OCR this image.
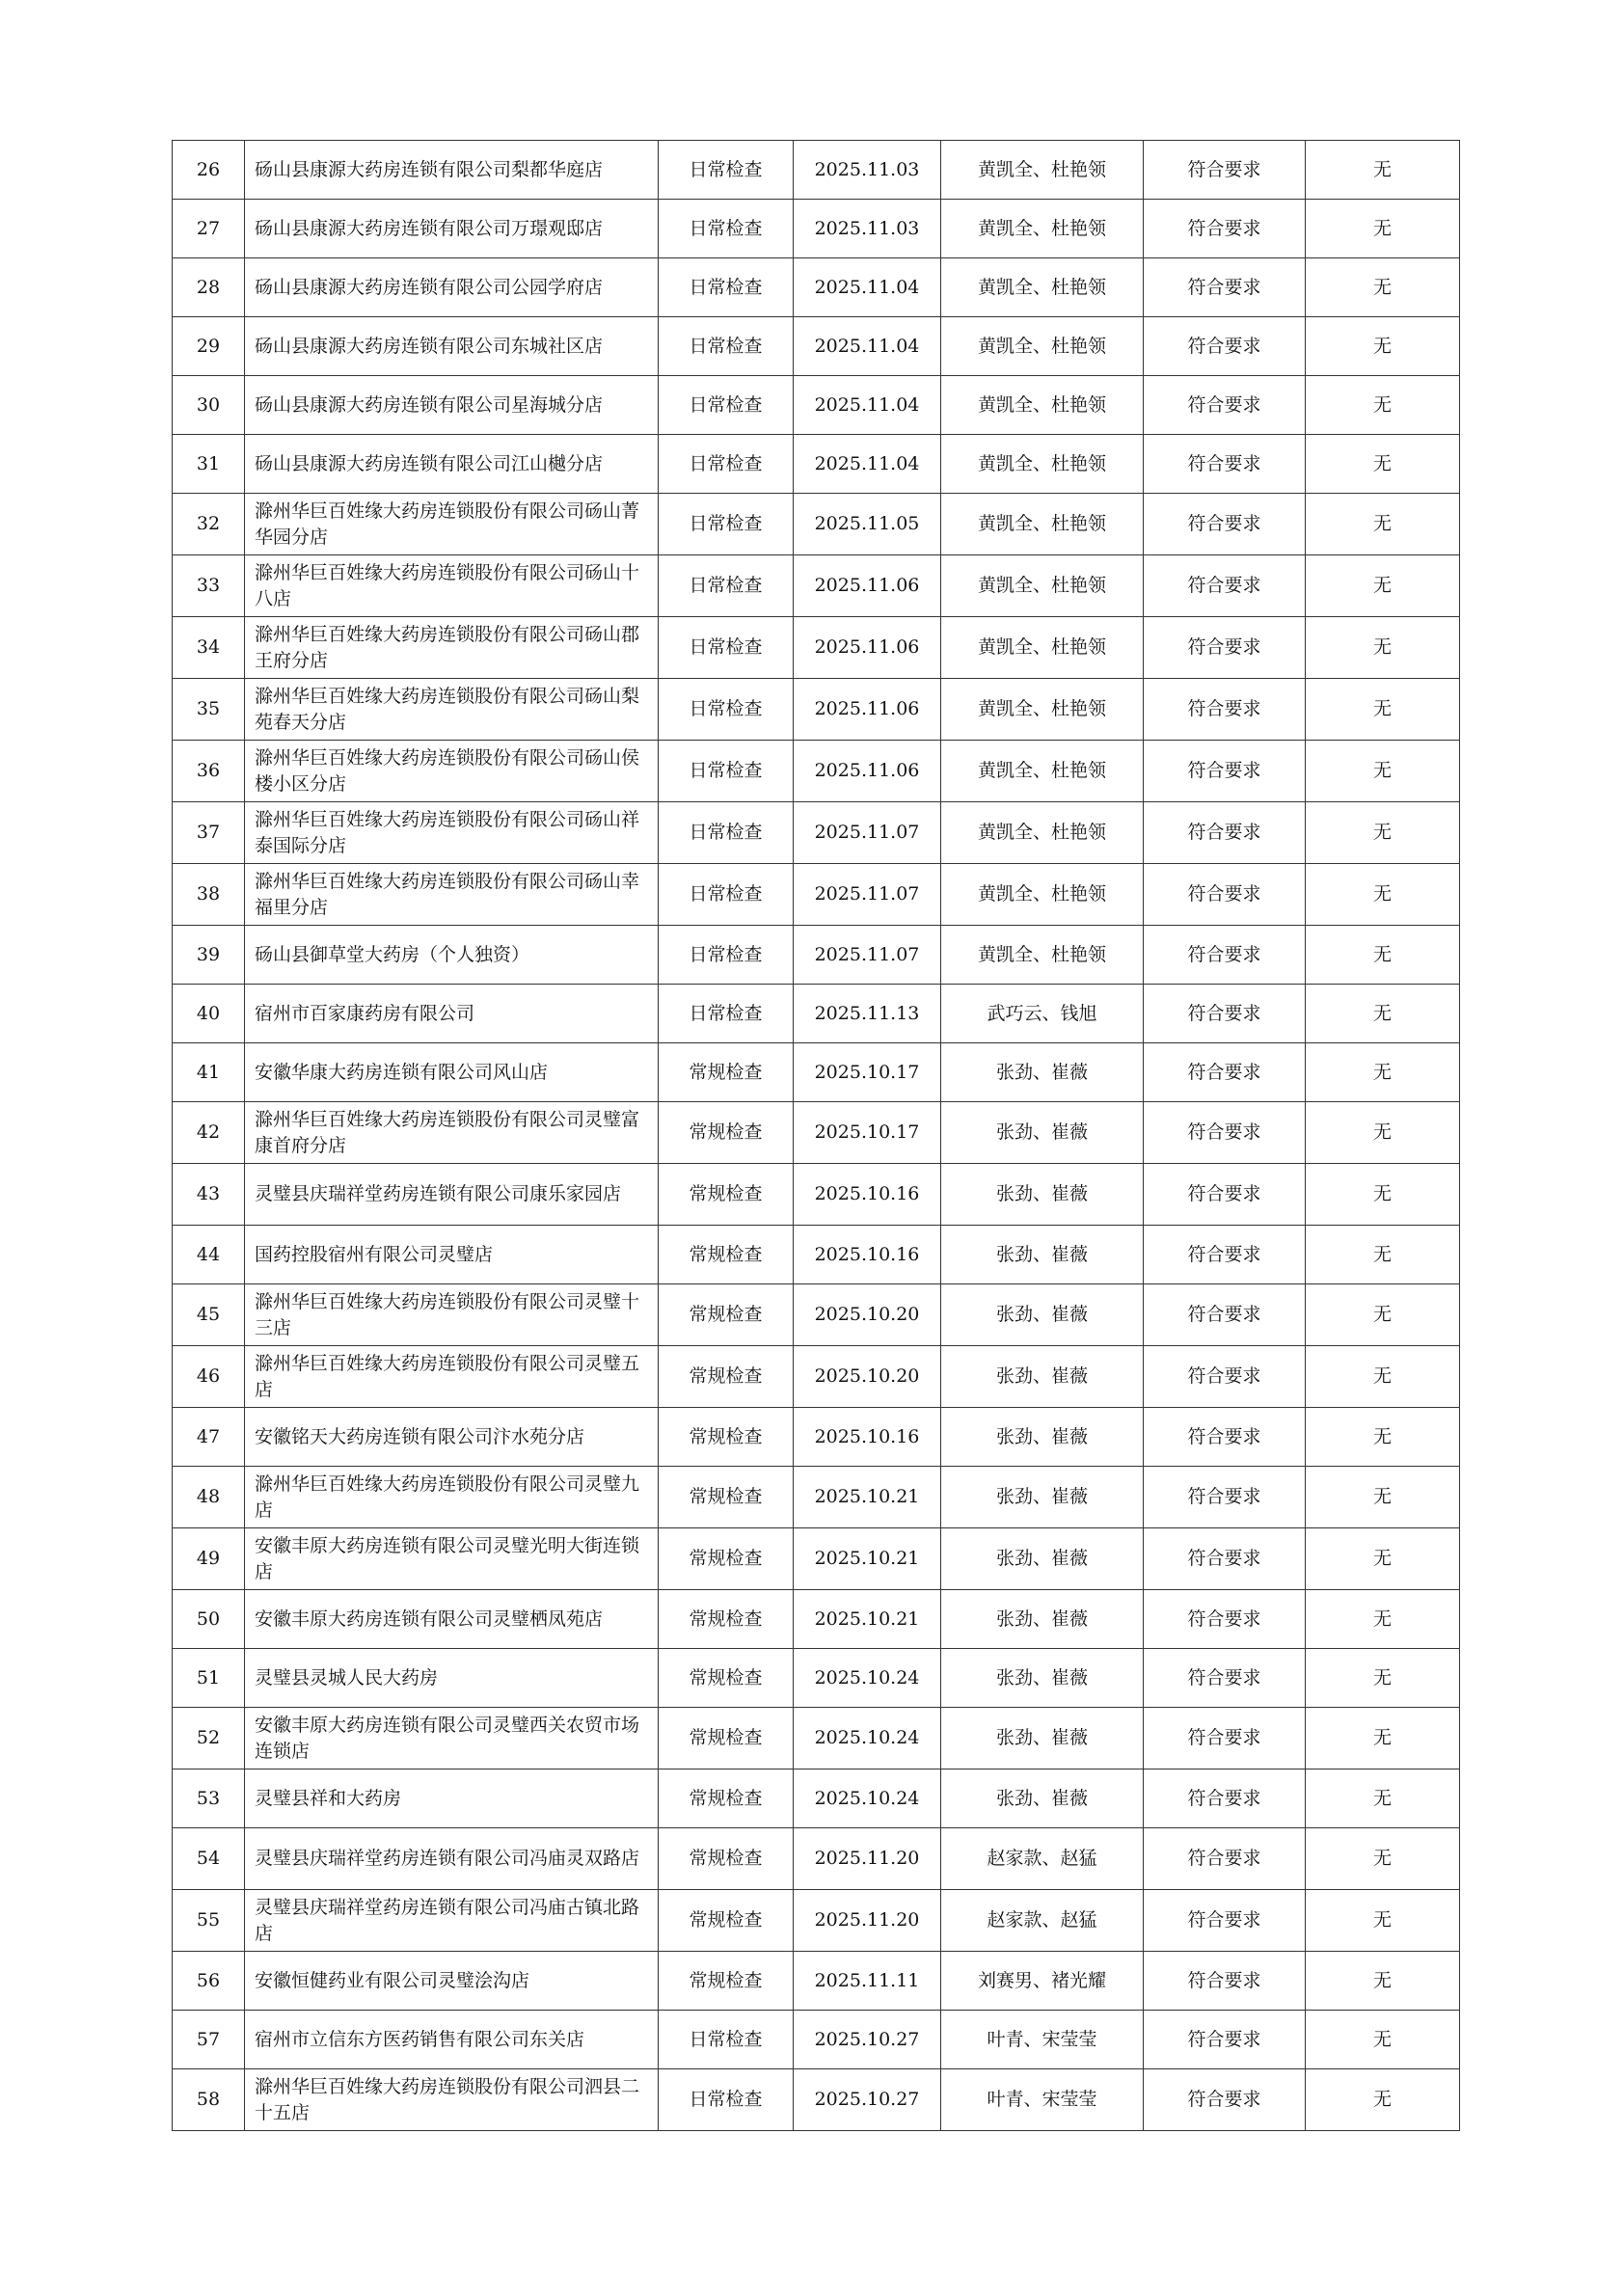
26	砀山县康源大药房连锁有限公司梨都华庭店	日常检查	2025.11.03	黄凯全、杜艳领	符合要求	无
27	砀山县康源大药房连锁有限公司万璟观邸店	日常检查	2025.11.03	黄凯全、杜艳领	符合要求	无
28	砀山县康源大药房连锁有限公司公园学府店	日常检查	2025.11.04	黄凯全、杜艳领	符合要求	无
29	砀山县康源大药房连锁有限公司东城社区店	日常检查	2025.11.04	黄凯全、杜艳领	符合要求	无
30	砀山县康源大药房连锁有限公司星海城分店	日常检查	2025.11.04	黄凯全、杜艳领	符合要求	无
31	砀山县康源大药房连锁有限公司江山樾分店	日常检查	2025.11.04	黄凯全、杜艳领	符合要求	无
32	滁州华巨百姓缘大药房连锁股份有限公司砀山菁华园分店	日常检查	2025.11.05	黄凯全、杜艳领	符合要求	无
33	滁州华巨百姓缘大药房连锁股份有限公司砀山十八店	日常检查	2025.11.06	黄凯全、杜艳领	符合要求	无
34	滁州华巨百姓缘大药房连锁股份有限公司砀山郡王府分店	日常检查	2025.11.06	黄凯全、杜艳领	符合要求	无
35	滁州华巨百姓缘大药房连锁股份有限公司砀山梨苑春天分店	日常检查	2025.11.06	黄凯全、杜艳领	符合要求	无
36	滁州华巨百姓缘大药房连锁股份有限公司砀山侯楼小区分店	日常检查	2025.11.06	黄凯全、杜艳领	符合要求	无
37	滁州华巨百姓缘大药房连锁股份有限公司砀山祥泰国际分店	日常检查	2025.11.07	黄凯全、杜艳领	符合要求	无
38	滁州华巨百姓缘大药房连锁股份有限公司砀山幸福里分店	日常检查	2025.11.07	黄凯全、杜艳领	符合要求	无
39	砀山县御草堂大药房（个人独资）	日常检查	2025.11.07	黄凯全、杜艳领	符合要求	无
40	宿州市百家康药房有限公司	日常检查	2025.11.13	武巧云、钱旭	符合要求	无
41	安徽华康大药房连锁有限公司风山店	常规检查	2025.10.17	张劲、崔薇	符合要求	无
42	滁州华巨百姓缘大药房连锁股份有限公司灵璧富康首府分店	常规检查	2025.10.17	张劲、崔薇	符合要求	无
43	灵璧县庆瑞祥堂药房连锁有限公司康乐家园店	常规检查	2025.10.16	张劲、崔薇	符合要求	无
44	国药控股宿州有限公司灵璧店	常规检查	2025.10.16	张劲、崔薇	符合要求	无
45	滁州华巨百姓缘大药房连锁股份有限公司灵璧十三店	常规检查	2025.10.20	张劲、崔薇	符合要求	无
46	滁州华巨百姓缘大药房连锁股份有限公司灵璧五店	常规检查	2025.10.20	张劲、崔薇	符合要求	无
47	安徽铭天大药房连锁有限公司汴水苑分店	常规检查	2025.10.16	张劲、崔薇	符合要求	无
48	滁州华巨百姓缘大药房连锁股份有限公司灵璧九店	常规检查	2025.10.21	张劲、崔薇	符合要求	无
49	安徽丰原大药房连锁有限公司灵璧光明大街连锁店	常规检查	2025.10.21	张劲、崔薇	符合要求	无
50	安徽丰原大药房连锁有限公司灵璧栖凤苑店	常规检查	2025.10.21	张劲、崔薇	符合要求	无
51	灵璧县灵城人民大药房	常规检查	2025.10.24	张劲、崔薇	符合要求	无
52	安徽丰原大药房连锁有限公司灵璧西关农贸市场连锁店	常规检查	2025.10.24	张劲、崔薇	符合要求	无
53	灵璧县祥和大药房	常规检查	2025.10.24	张劲、崔薇	符合要求	无
54	灵璧县庆瑞祥堂药房连锁有限公司冯庙灵双路店	常规检查	2025.11.20	赵家款、赵猛	符合要求	无
55	灵璧县庆瑞祥堂药房连锁有限公司冯庙古镇北路店	常规检查	2025.11.20	赵家款、赵猛	符合要求	无
56	安徽恒健药业有限公司灵璧浍沟店	常规检查	2025.11.11	刘赛男、褚光耀	符合要求	无
57	宿州市立信东方医药销售有限公司东关店	日常检查	2025.10.27	叶青、宋莹莹	符合要求	无
58	滁州华巨百姓缘大药房连锁股份有限公司泗县二十五店	日常检查	2025.10.27	叶青、宋莹莹	符合要求	无
